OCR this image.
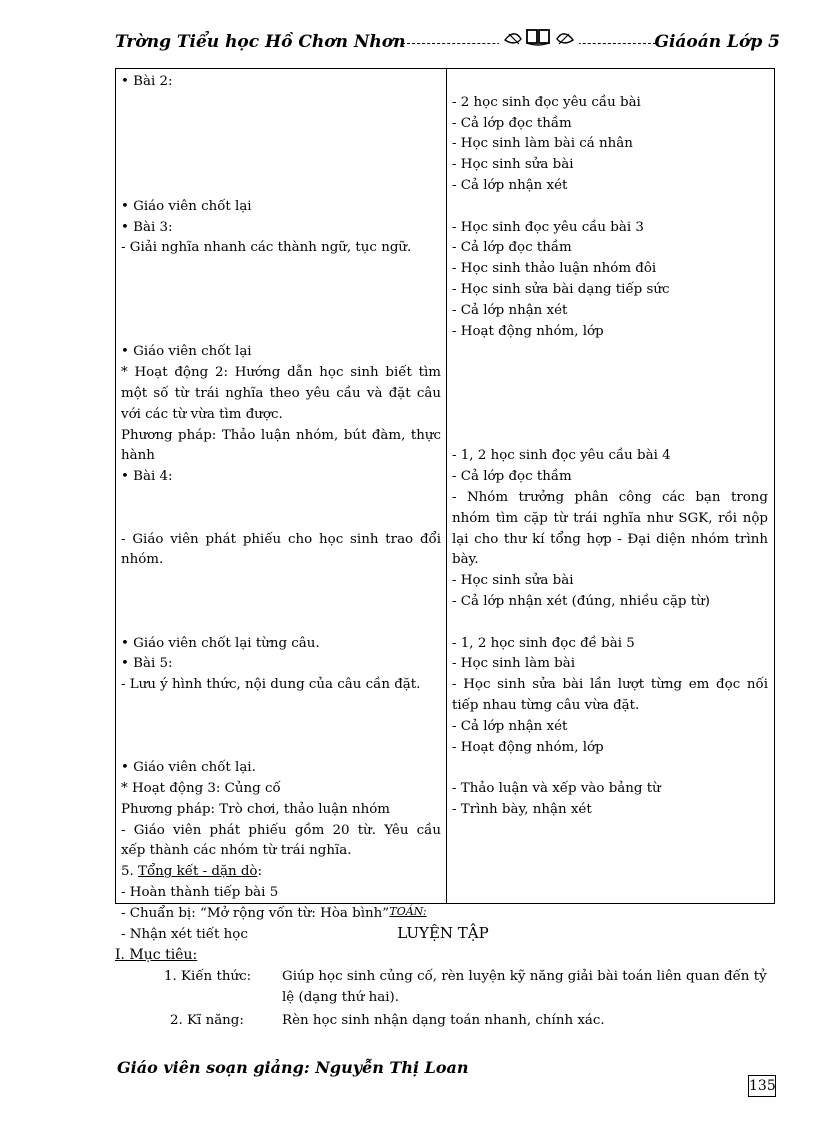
Trờng Tiểu học Hồ Chơn Nhơn	Giáoán Lớp 5
• Bài 2:
• Giáo viên chốt lại
• Bài 3:
- Giải nghĩa nhanh các thành ngữ, tục ngữ.
• Giáo viên chốt lại
* Hoạt động 2: Hướng dẫn học sinh biết tìm
một số từ trái nghĩa theo yêu cầu và đặt câu
với các từ vừa tìm được.
Phương pháp: Thảo luận nhóm, bút đàm, thực
hành
• Bài 4:
- Giáo viên phát phiếu cho học sinh trao đổi
nhóm.
• Giáo viên chốt lại từng câu.
• Bài 5:
- Lưu ý hình thức, nội dung của câu cần đặt.
• Giáo viên chốt lại.
* Hoạt động 3: Củng cố
Phương pháp: Trò chơi, thảo luận nhóm
- Giáo viên phát phiếu gồm 20 từ. Yêu cầu
xếp thành các nhóm từ trái nghĩa.
5. Tổng kết - dặn dò:
- Hoàn thành tiếp bài 5
- Chuẩn bị: “Mở rộng vốn từ: Hòa bình”
- Nhận xét tiết học
- 2 học sinh đọc yêu cầu bài
- Cả lớp đọc thầm
- Học sinh làm bài cá nhân
- Học sinh sửa bài
- Cả lớp nhận xét
- Học sinh đọc yêu cầu bài 3
- Cả lớp đọc thầm
- Học sinh thảo luận nhóm đôi
- Học sinh sửa bài dạng tiếp sức
- Cả lớp nhận xét
- Hoạt động nhóm, lớp
- 1, 2 học sinh đọc yêu cầu bài 4
- Cả lớp đọc thầm
- Nhóm trưởng phân công các bạn trong
nhóm tìm cặp từ trái nghĩa như SGK, rồi nộp
lại cho thư kí tổng hợp - Đại diện nhóm trình
bày.
- Học sinh sửa bài
- Cả lớp nhận xét (đúng, nhiều cặp từ)
- 1, 2 học sinh đọc đề bài 5
- Học sinh làm bài
- Học sinh sửa bài lần lượt từng em đọc nối
tiếp nhau từng câu vừa đặt.
- Cả lớp nhận xét
- Hoạt động nhóm, lớp
- Thảo luận và xếp vào bảng từ
- Trình bày, nhận xét
TOÁN:
LUYỆN TẬP
I. Mục tiêu:
1. Kiến thức: Giúp học sinh củng cố, rèn luyện kỹ năng giải bài toán liên quan đến tỷ lệ (dạng thứ hai).
2. Kĩ năng:	Rèn học sinh nhận dạng toán nhanh, chính xác.
Giáo viên soạn giảng: Nguyễn Thị Loan
135
